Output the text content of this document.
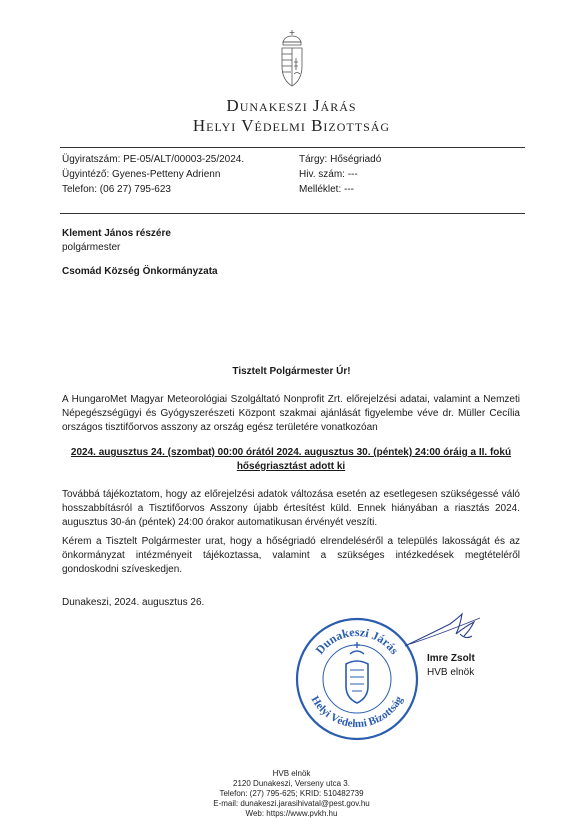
Dunakeszi Járás
Helyi Védelmi Bizottság
Ügyiratszám: PE-05/ALT/00003-25/2024.
Ügyintéző: Gyenes-Petteny Adrienn
Telefon: (06 27) 795-623
Tárgy: Hőségriadó
Hiv. szám: ---
Melléklet: ---
Klement János részére
polgármester
Csomád Község Önkormányzata
Tisztelt Polgármester Úr!
A HungaroMet Magyar Meteorológiai Szolgáltató Nonprofit Zrt. előrejelzési adatai, valamint a Nemzeti Népegészségügyi és Gyógyszerészeti Központ szakmai ajánlását figyelembe véve dr. Müller Cecília országos tisztifőorvos asszony az ország egész területére vonatkozóan
2024. augusztus 24. (szombat) 00:00 órától 2024. augusztus 30. (péntek) 24:00 óráig a II. fokú
hőségriasztást adott ki
Továbbá tájékoztatom, hogy az előrejelzési adatok változása esetén az esetlegesen szükségessé váló hosszabbításról a Tisztifőorvos Asszony újabb értesítést küld. Ennek hiányában a riasztás 2024. augusztus 30-án (péntek) 24:00 órakor automatikusan érvényét veszíti.
Kérem a Tisztelt Polgármester urat, hogy a hőségriadó elrendeléséről a település lakosságát és az önkormányzat intézményeit tájékoztassa, valamint a szükséges intézkedések megtételéről gondoskodni szíveskedjen.
Dunakeszi, 2024. augusztus 26.
Dunakeszi Járás
Helyi Védelmi Bizottság
Imre Zsolt
HVB elnök
HVB elnök
2120 Dunakeszi, Verseny utca 3.
Telefon: (27) 795-625; KRID: 510482739
E-mail: dunakeszi.jarasihivatal@pest.gov.hu
Web: https://www.pvkh.hu
